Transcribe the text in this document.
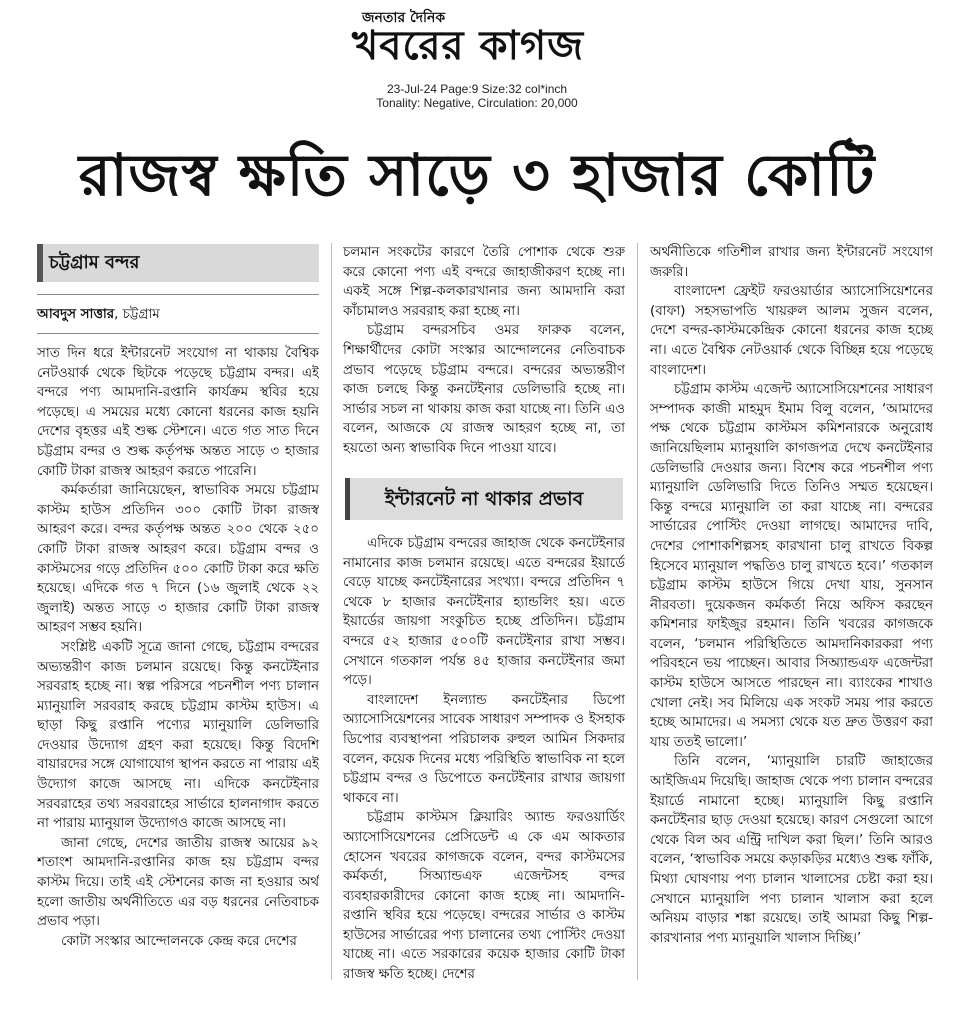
জনতার দৈনিক
খবরের কাগজ
23-Jul-24 Page:9 Size:32 col*inch
Tonality: Negative, Circulation: 20,000
রাজস্ব ক্ষতি সাড়ে ৩ হাজার কোটি
চট্টগ্রাম বন্দর
আবদুস সাত্তার, চট্টগ্রাম

সাত দিন ধরে ইন্টারনেট সংযোগ না থাকায় বৈশ্বিক নেটওয়ার্ক থেকে ছিটকে পড়েছে চট্টগ্রাম বন্দর। এই বন্দরে পণ্য আমদানি-রপ্তানি কার্যক্রম স্থবির হয়ে পড়েছে। এ সময়ের মধ্যে কোনো ধরনের কাজ হয়নি দেশের বৃহত্তর এই শুল্ক স্টেশনে। এতে গত সাত দিনে চট্টগ্রাম বন্দর ও শুল্ক কর্তৃপক্ষ অন্তত সাড়ে ৩ হাজার কোটি টাকা রাজস্ব আহরণ করতে পারেনি।

কর্মকর্তারা জানিয়েছেন, স্বাভাবিক সময়ে চট্টগ্রাম কাস্টম হাউস প্রতিদিন ৩০০ কোটি টাকা রাজস্ব আহরণ করে। বন্দর কর্তৃপক্ষ অন্তত ২০০ থেকে ২৫০ কোটি টাকা রাজস্ব আহরণ করে। চট্টগ্রাম বন্দর ও কাস্টমসের গড়ে প্রতিদিন ৫০০ কোটি টাকা করে ক্ষতি হয়েছে। এদিকে গত ৭ দিনে (১৬ জুলাই থেকে ২২ জুলাই) অন্তত সাড়ে ৩ হাজার কোটি টাকা রাজস্ব আহরণ সম্ভব হয়নি।

সংশ্লিষ্ট একটি সূত্রে জানা গেছে, চট্টগ্রাম বন্দরের অভ্যন্তরীণ কাজ চলমান রয়েছে। কিন্তু কনটেইনার সরবরাহ হচ্ছে না। স্বল্প পরিসরে পচনশীল পণ্য চালান ম্যানুয়ালি সরবরাহ করছে চট্টগ্রাম কাস্টম হাউস। এ ছাড়া কিছু রপ্তানি পণ্যের ম্যানুয়ালি ডেলিভারি দেওয়ার উদ্যোগ গ্রহণ করা হয়েছে। কিন্তু বিদেশি বায়ারদের সঙ্গে যোগাযোগ স্থাপন করতে না পারায় এই উদ্যোগ কাজে আসছে না। এদিকে কনটেইনার সরবরাহের তথ্য সরবরাহের সার্ভারে হালনাগাদ করতে না পারায় ম্যানুয়াল উদ্যোগও কাজে আসছে না।

জানা গেছে, দেশের জাতীয় রাজস্ব আয়ের ৯২ শতাংশ আমদানি-রপ্তানির কাজ হয় চট্টগ্রাম বন্দর কাস্টম দিয়ে। তাই এই স্টেশনের কাজ না হওয়ার অর্থ হলো জাতীয় অর্থনীতিতে এর বড় ধরনের নেতিবাচক প্রভাব পড়া।

কোটা সংস্কার আন্দোলনকে কেন্দ্র করে দেশের

চলমান সংকটের কারণে তৈরি পোশাক থেকে শুরু করে কোনো পণ্য এই বন্দরে জাহাজীকরণ হচ্ছে না। একই সঙ্গে শিল্প-কলকারখানার জন্য আমদানি করা কাঁচামালও সরবরাহ করা হচ্ছে না।

চট্টগ্রাম বন্দরসচিব ওমর ফারুক বলেন, শিক্ষার্থীদের কোটা সংস্কার আন্দোলনের নেতিবাচক প্রভাব পড়েছে চট্টগ্রাম বন্দরে। বন্দরের অভ্যন্তরীণ কাজ চলছে কিন্তু কনটেইনার ডেলিভারি হচ্ছে না। সার্ভার সচল না থাকায় কাজ করা যাচ্ছে না। তিনি এও বলেন, আজকে যে রাজস্ব আহরণ হচ্ছে না, তা হয়তো অন্য স্বাভাবিক দিনে পাওয়া যাবে।

ইন্টারনেট না থাকার প্রভাব

এদিকে চট্টগ্রাম বন্দরের জাহাজ থেকে কনটেইনার নামানোর কাজ চলমান রয়েছে। এতে বন্দরের ইয়ার্ডে বেড়ে যাচ্ছে কনটেইনারের সংখ্যা। বন্দরে প্রতিদিন ৭ থেকে ৮ হাজার কনটেইনার হ্যান্ডলিং হয়। এতে ইয়ার্ডের জায়গা সংকুচিত হচ্ছে প্রতিদিন। চট্টগ্রাম বন্দরে ৫২ হাজার ৫০০টি কনটেইনার রাখা সম্ভব। সেখানে গতকাল পর্যন্ত ৪৫ হাজার কনটেইনার জমা পড়ে।

বাংলাদেশ ইনল্যান্ড কনটেইনার ডিপো অ্যাসোসিয়েশনের সাবেক সাধারণ সম্পাদক ও ইসহাক ডিপোর ব্যবস্থাপনা পরিচালক রুহুল আমিন সিকদার বলেন, কয়েক দিনের মধ্যে পরিস্থিতি স্বাভাবিক না হলে চট্টগ্রাম বন্দর ও ডিপোতে কনটেইনার রাখার জায়গা থাকবে না।

চট্টগ্রাম কাস্টমস ক্লিয়ারিং অ্যান্ড ফরওয়ার্ডিং অ্যাসোসিয়েশনের প্রেসিডেন্ট এ কে এম আকতার হোসেন খবরের কাগজকে বলেন, বন্দর কাস্টমসের কর্মকর্তা, সিঅ্যান্ডএফ এজেন্টসহ বন্দর ব্যবহারকারীদের কোনো কাজ হচ্ছে না। আমদানি-রপ্তানি স্থবির হয়ে পড়েছে। বন্দরের সার্ভার ও কাস্টম হাউসের সার্ভারের পণ্য চালানের তথ্য পোস্টিং দেওয়া যাচ্ছে না। এতে সরকারের কয়েক হাজার কোটি টাকা রাজস্ব ক্ষতি হচ্ছে। দেশের

অর্থনীতিকে গতিশীল রাখার জন্য ইন্টারনেট সংযোগ জরুরি।

বাংলাদেশ ফ্রেইট ফরওয়ার্ডার অ্যাসোসিয়েশনের (বাফা) সহসভাপতি খায়রুল আলম সুজন বলেন, দেশে বন্দর-কাস্টমকেন্দ্রিক কোনো ধরনের কাজ হচ্ছে না। এতে বৈশ্বিক নেটওয়ার্ক থেকে বিচ্ছিন্ন হয়ে পড়েছে বাংলাদেশ।

চট্টগ্রাম কাস্টম এজেন্ট অ্যাসোসিয়েশনের সাধারণ সম্পাদক কাজী মাহমুদ ইমাম বিলু বলেন, ‘আমাদের পক্ষ থেকে চট্টগ্রাম কাস্টমস কমিশনারকে অনুরোধ জানিয়েছিলাম ম্যানুয়ালি কাগজপত্র দেখে কনটেইনার ডেলিভারি দেওয়ার জন্য। বিশেষ করে পচনশীল পণ্য ম্যানুয়ালি ডেলিভারি দিতে তিনিও সম্মত হয়েছেন। কিন্তু বন্দরে ম্যানুয়ালি তা করা যাচ্ছে না। বন্দরের সার্ভারের পোস্টিং দেওয়া লাগছে। আমাদের দাবি, দেশের পোশাকশিল্পসহ কারখানা চালু রাখতে বিকল্প হিসেবে ম্যানুয়াল পদ্ধতিও চালু রাখতে হবে।’ গতকাল চট্টগ্রাম কাস্টম হাউসে গিয়ে দেখা যায়, সুনসান নীরবতা। দুয়েকজন কর্মকর্তা নিয়ে অফিস করছেন কমিশনার ফাইজুর রহমান। তিনি খবরের কাগজকে বলেন, ‘চলমান পরিস্থিতিতে আমদানিকারকরা পণ্য পরিবহনে ভয় পাচ্ছেন। আবার সিঅ্যান্ডএফ এজেন্টরা কাস্টম হাউসে আসতে পারছেন না। ব্যাংকের শাখাও খোলা নেই। সব মিলিয়ে এক সংকট সময় পার করতে হচ্ছে আমাদের। এ সমস্যা থেকে যত দ্রুত উত্তরণ করা যায় ততই ভালো।’

তিনি বলেন, ‘ম্যানুয়ালি চারটি জাহাজের আইজিএম দিয়েছি। জাহাজ থেকে পণ্য চালান বন্দরের ইয়ার্ডে নামানো হচ্ছে। ম্যানুয়ালি কিছু রপ্তানি কনটেইনার ছাড় দেওয়া হয়েছে। কারণ সেগুলো আগে থেকে বিল অব এন্ট্রি দাখিল করা ছিল।’ তিনি আরও বলেন, ‘স্বাভাবিক সময়ে কড়াকড়ির মধ্যেও শুল্ক ফাঁকি, মিথ্যা ঘোষণায় পণ্য চালান খালাসের চেষ্টা করা হয়। সেখানে ম্যানুয়ালি পণ্য চালান খালাস করা হলে অনিয়ম বাড়ার শঙ্কা রয়েছে। তাই আমরা কিছু শিল্প-কারখানার পণ্য ম্যানুয়ালি খালাস দিচ্ছি।’
